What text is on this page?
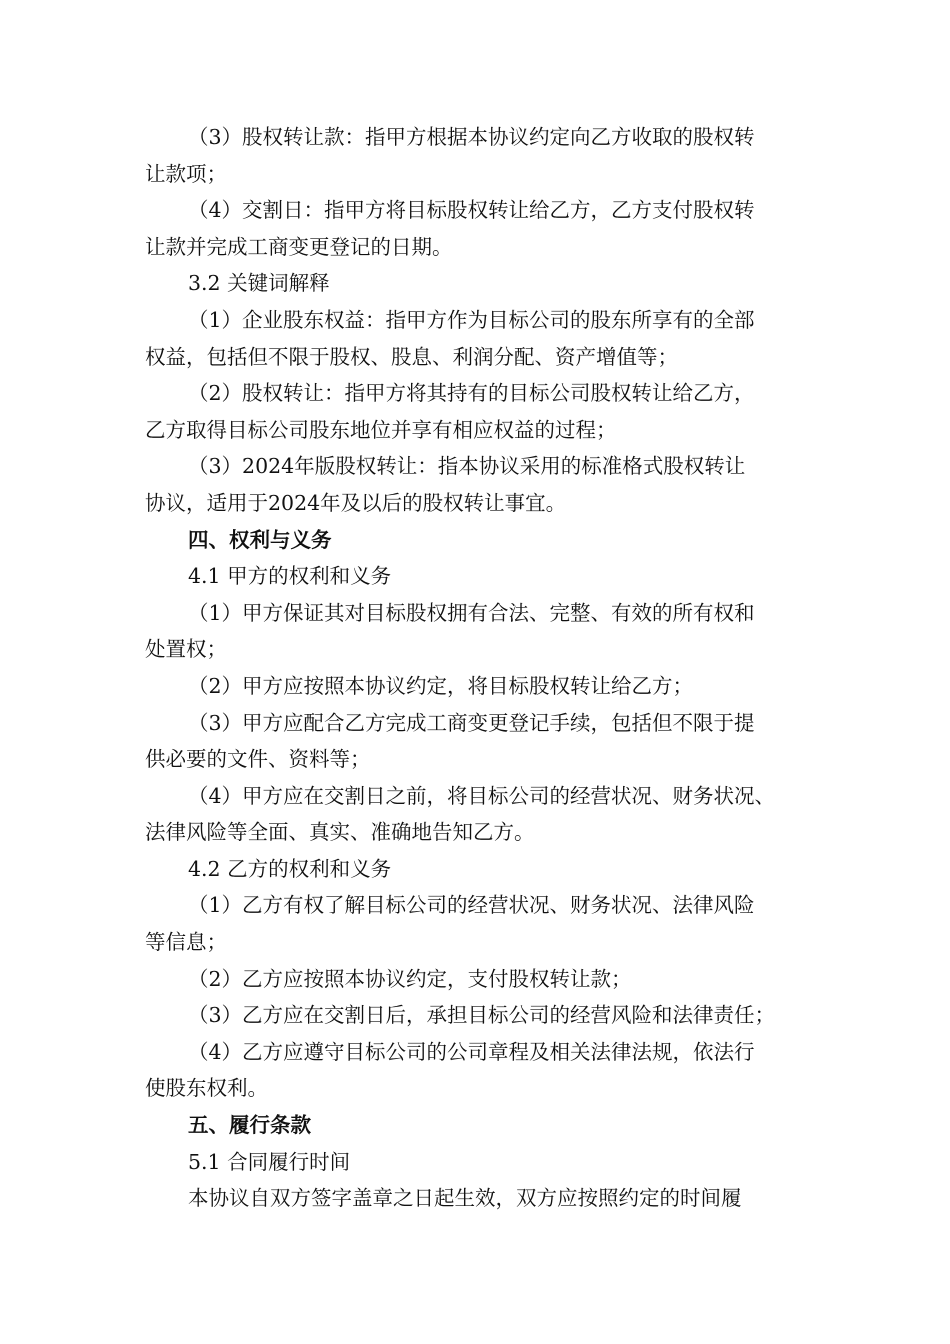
（3）股权转让款：指甲方根据本协议约定向乙方收取的股权转
让款项；
（4）交割日：指甲方将目标股权转让给乙方，乙方支付股权转
让款并完成工商变更登记的日期。
3.2 关键词解释
（1）企业股东权益：指甲方作为目标公司的股东所享有的全部
权益，包括但不限于股权、股息、利润分配、资产增值等；
（2）股权转让：指甲方将其持有的目标公司股权转让给乙方，
乙方取得目标公司股东地位并享有相应权益的过程；
（3）2024年版股权转让：指本协议采用的标准格式股权转让
协议，适用于2024年及以后的股权转让事宜。
四、权利与义务
4.1 甲方的权利和义务
（1）甲方保证其对目标股权拥有合法、完整、有效的所有权和
处置权；
（2）甲方应按照本协议约定，将目标股权转让给乙方；
（3）甲方应配合乙方完成工商变更登记手续，包括但不限于提
供必要的文件、资料等；
（4）甲方应在交割日之前，将目标公司的经营状况、财务状况、
法律风险等全面、真实、准确地告知乙方。
4.2 乙方的权利和义务
（1）乙方有权了解目标公司的经营状况、财务状况、法律风险
等信息；
（2）乙方应按照本协议约定，支付股权转让款；
（3）乙方应在交割日后，承担目标公司的经营风险和法律责任；
（4）乙方应遵守目标公司的公司章程及相关法律法规，依法行
使股东权利。
五、履行条款
5.1 合同履行时间
本协议自双方签字盖章之日起生效，双方应按照约定的时间履
